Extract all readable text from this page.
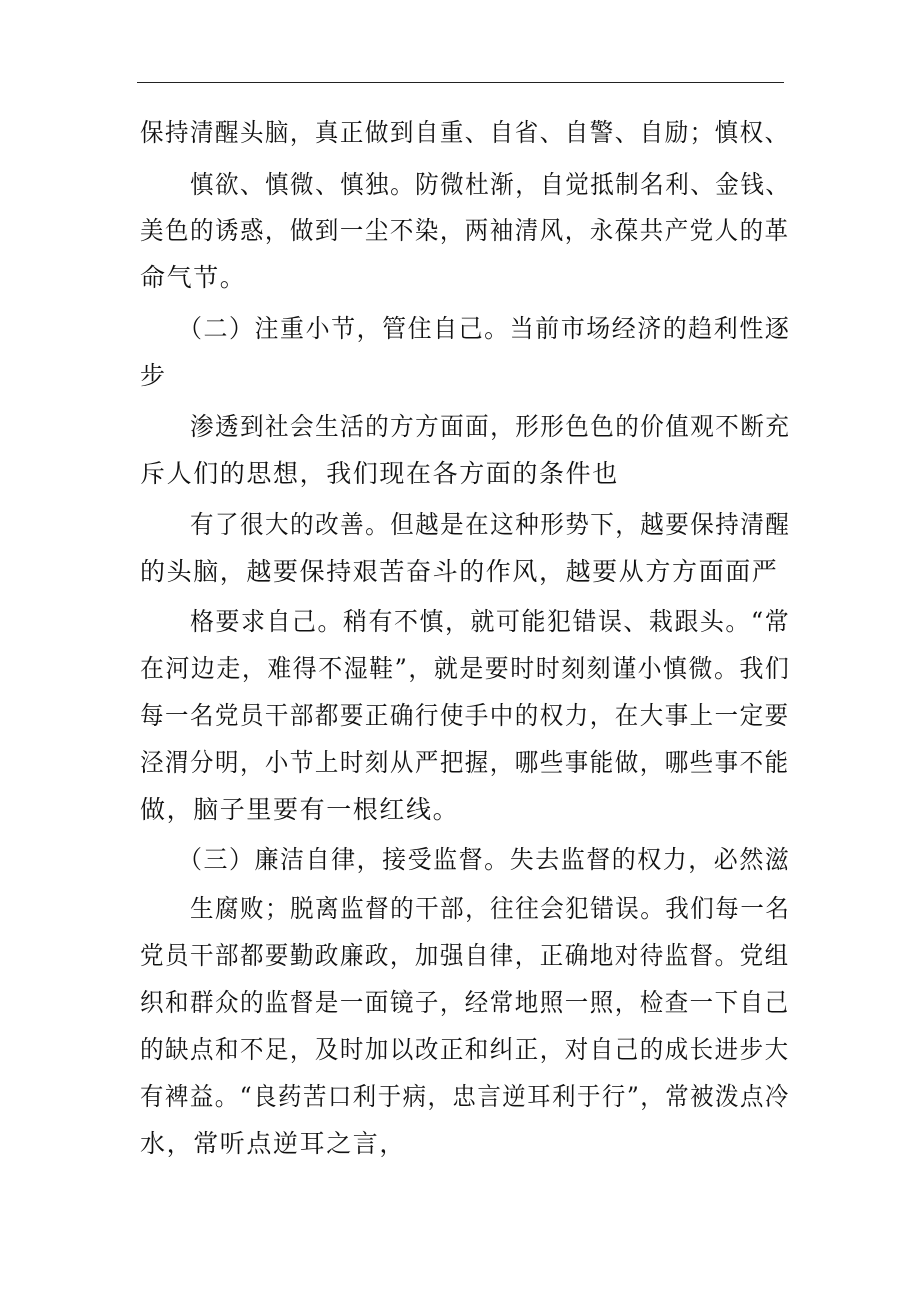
保持清醒头脑，真正做到自重、自省、自警、自励；慎权、
慎欲、慎微、慎独。防微杜渐，自觉抵制名利、金钱、
美色的诱惑，做到一尘不染，两袖清风，永葆共产党人的革
命气节。
（二）注重小节，管住自己。当前市场经济的趋利性逐
步
渗透到社会生活的方方面面，形形色色的价值观不断充
斥人们的思想，我们现在各方面的条件也
有了很大的改善。但越是在这种形势下，越要保持清醒
的头脑，越要保持艰苦奋斗的作风，越要从方方面面严
格要求自己。稍有不慎，就可能犯错误、栽跟头。“常
在河边走，难得不湿鞋”，就是要时时刻刻谨小慎微。我们
每一名党员干部都要正确行使手中的权力，在大事上一定要
泾渭分明，小节上时刻从严把握，哪些事能做，哪些事不能
做，脑子里要有一根红线。
（三）廉洁自律，接受监督。失去监督的权力，必然滋
生腐败；脱离监督的干部，往往会犯错误。我们每一名
党员干部都要勤政廉政，加强自律，正确地对待监督。党组
织和群众的监督是一面镜子，经常地照一照，检查一下自己
的缺点和不足，及时加以改正和纠正，对自己的成长进步大
有裨益。“良药苦口利于病，忠言逆耳利于行”，常被泼点冷
水，常听点逆耳之言，
